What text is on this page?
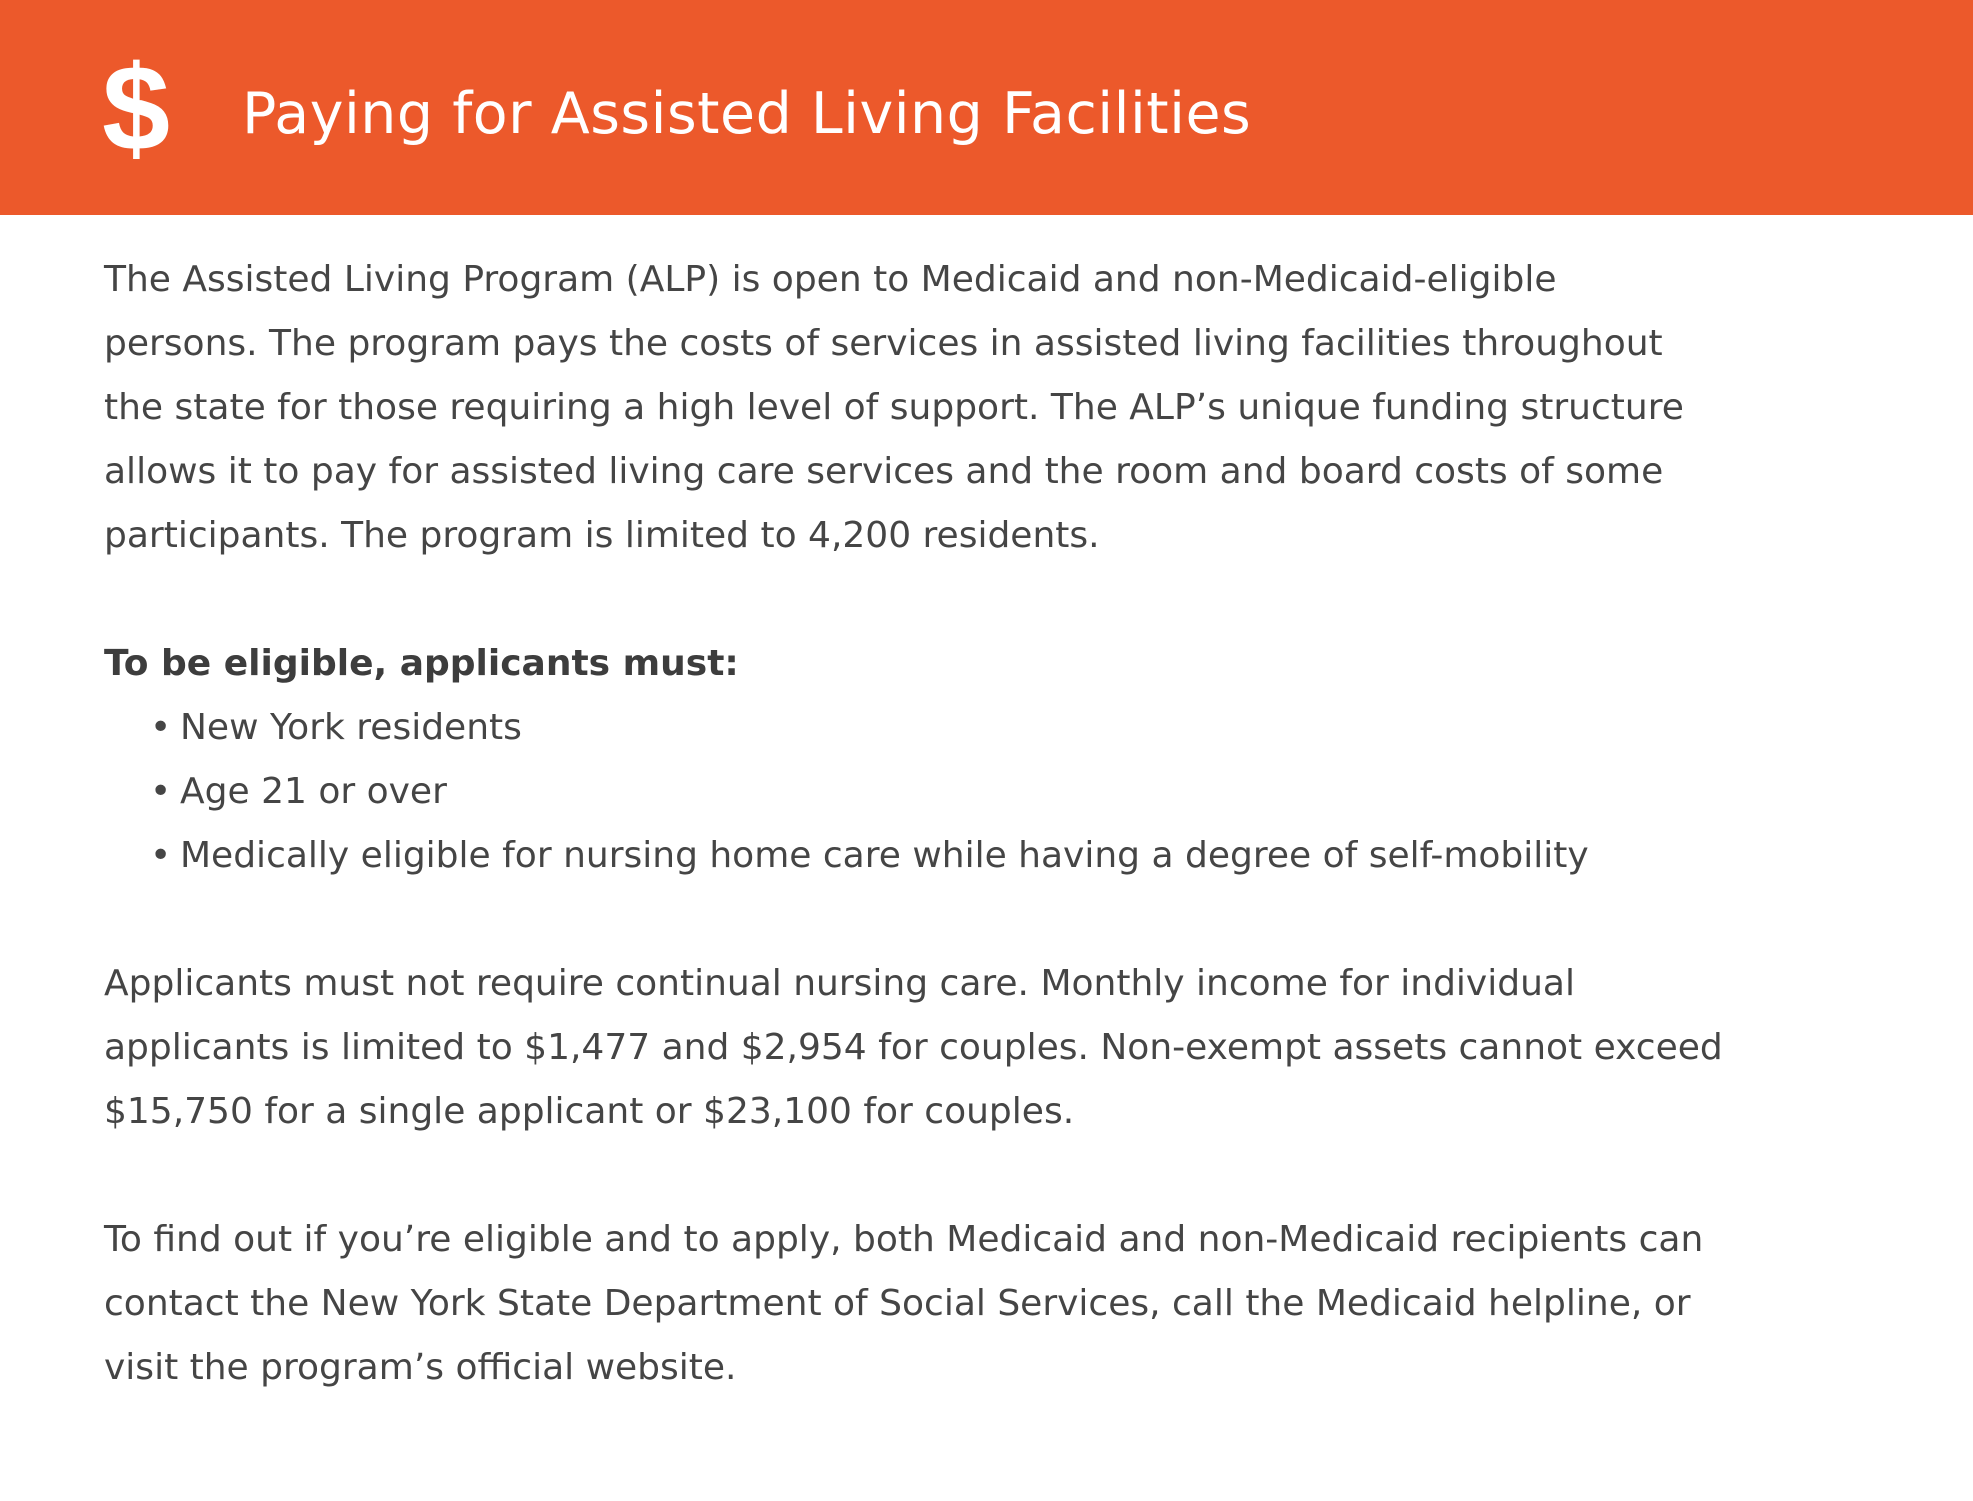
$ Paying for Assisted Living Facilities
The Assisted Living Program (ALP) is open to Medicaid and non-Medicaid-eligible
persons. The program pays the costs of services in assisted living facilities throughout
the state for those requiring a high level of support. The ALP’s unique funding structure
allows it to pay for assisted living care services and the room and board costs of some
participants. The program is limited to 4,200 residents.
To be eligible, applicants must:
• New York residents
• Age 21 or over
• Medically eligible for nursing home care while having a degree of self-mobility
Applicants must not require continual nursing care. Monthly income for individual
applicants is limited to $1,477 and $2,954 for couples. Non-exempt assets cannot exceed
$15,750 for a single applicant or $23,100 for couples.
To find out if you’re eligible and to apply, both Medicaid and non-Medicaid recipients can
contact the New York State Department of Social Services, call the Medicaid helpline, or
visit the program’s official website.
